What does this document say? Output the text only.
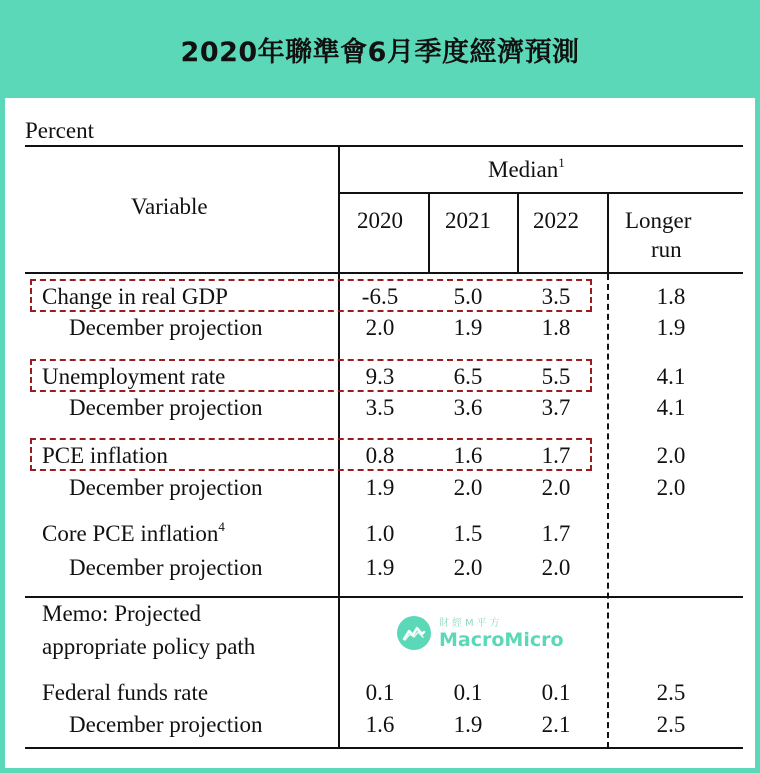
2020年聯準會6月季度經濟預測
Percent
Variable
Median$^1$
2020	2021	2022	Longer
run
Change in real GDP	-6.5	5.0	3.5	1.8
December projection	2.0	1.9	1.8	1.9
Unemployment rate	9.3	6.5	5.5	4.1
December projection	3.5	3.6	3.7	4.1
PCE inflation	0.8	1.6	1.7	2.0
December projection	1.9	2.0	2.0	2.0
Core PCE inflation$^4$	1.0	1.5	1.7
December projection	1.9	2.0	2.0
Memo: Projected
appropriate policy path
財經M平方
MacroMicro
Federal funds rate	0.1	0.1	0.1	2.5
December projection	1.6	1.9	2.1	2.5
